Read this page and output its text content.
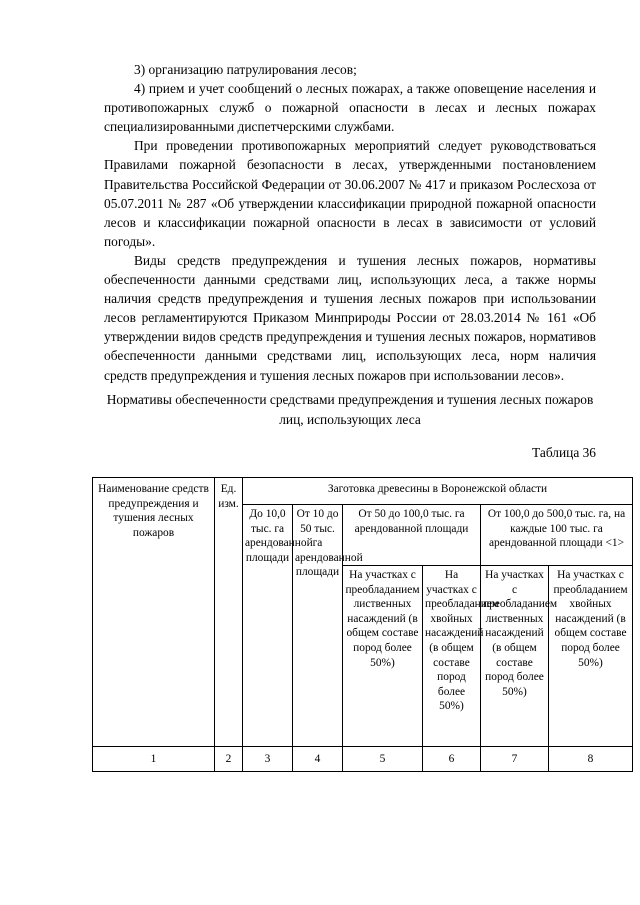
3) организацию патрулирования лесов;

4) прием и учет сообщений о лесных пожарах, а также оповещение населения и противопожарных служб о пожарной опасности в лесах и лесных пожарах специализированными диспетчерскими службами.

При проведении противопожарных мероприятий следует руководствоваться Правилами пожарной безопасности в лесах, утвержденными постановлением Правительства Российской Федерации от 30.06.2007 № 417 и приказом Рослесхоза от 05.07.2011 № 287 «Об утверждении классификации природной пожарной опасности лесов и классификации пожарной опасности в лесах в зависимости от условий погоды».

Виды средств предупреждения и тушения лесных пожаров, нормативы обеспеченности данными средствами лиц, использующих леса, а также нормы наличия средств предупреждения и тушения лесных пожаров при использовании лесов регламентируются Приказом Минприроды России от 28.03.2014 № 161 «Об утверждении видов средств предупреждения и тушения лесных пожаров, нормативов обеспеченности данными средствами лиц, использующих леса, норм наличия средств предупреждения и тушения лесных пожаров при использовании лесов».

Нормативы обеспеченности средствами предупреждения и тушения лесных пожаров лиц, использующих леса
Таблица 36
Наименование средств предупреждения и тушения лесных пожаров	Ед. изм.	Заготовка древесины в Воронежской области					
		До 10,0 тыс. га арендованной площади	От 10 до 50 тыс. га арендованной площади	От 50 до 100,0 тыс. га арендованной площади		От 100,0 до 500,0 тыс. га, на каждые 100 тыс. га арендованной площади <1>	
				На участках с преобладанием лиственных насаждений (в общем составе пород более 50%)	На участках с преобладанием хвойных насаждений (в общем составе пород более 50%)	На участках с преобладанием лиственных насаждений (в общем составе пород более 50%)	На участках с преобладанием хвойных насаждений (в общем составе пород более 50%)
1	2	3	4	5	6	7	8
